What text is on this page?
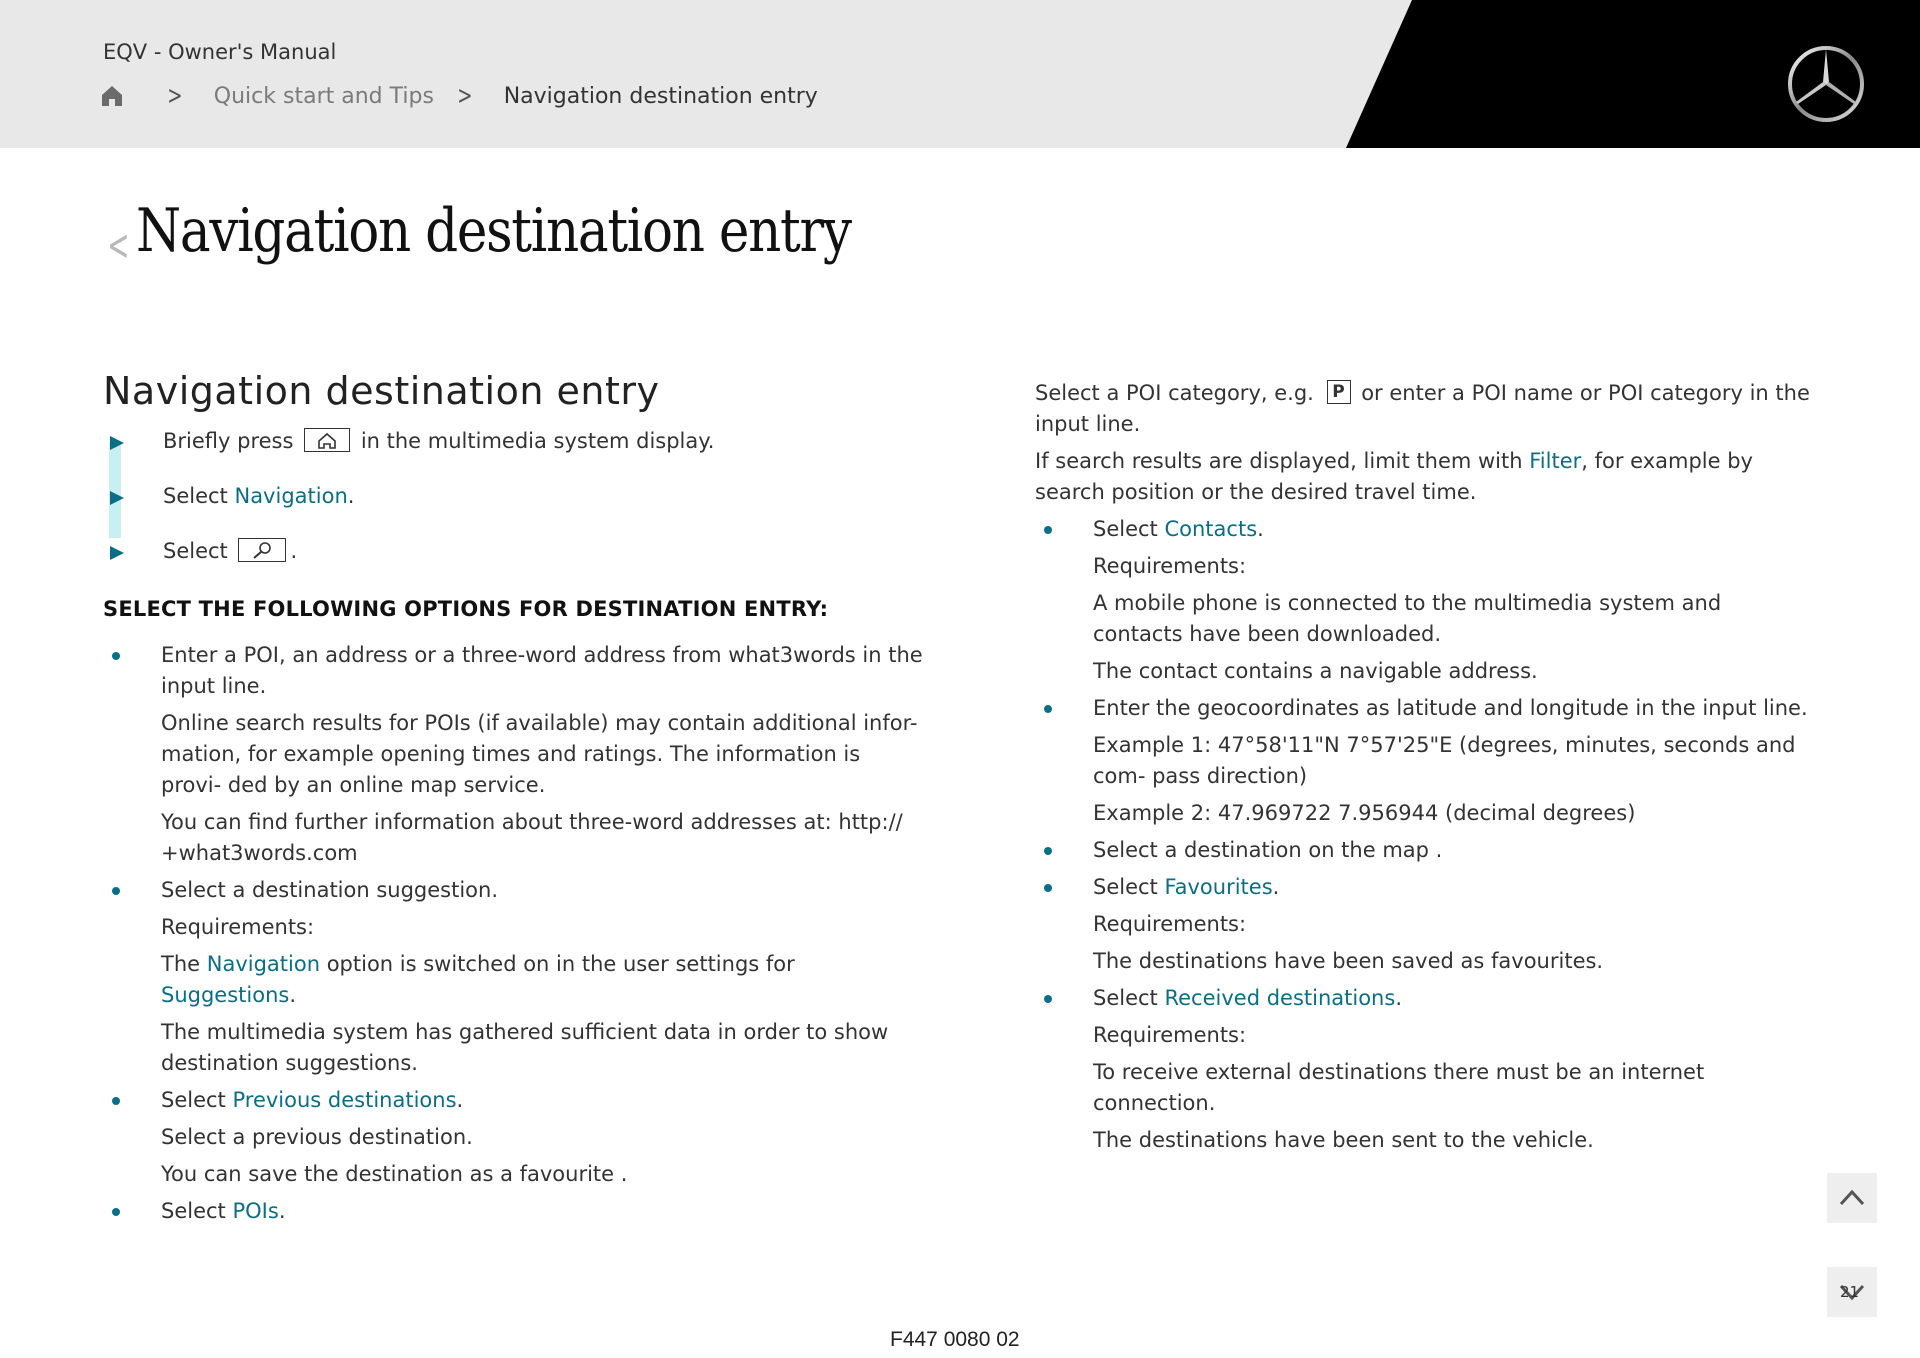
EQV - Owner's Manual
> Quick start and Tips > Navigation destination entry
< Navigation destination entry
Navigation destination entry
Briefly press	in the multimedia system display.
Select Navigation.
Select	.
SELECT THE FOLLOWING OPTIONS FOR DESTINATION ENTRY:

Enter a POI, an address or a three-word address from what3words in the input line.

Online search results for POIs (if available) may contain additional infor- mation, for example opening times and ratings. The information is provi- ded by an online map service.

You can find further information about three-word addresses at: http:// +what3words.com

Select a destination suggestion.

Requirements:

The Navigation option is switched on in the user settings for Suggestions.

The multimedia system has gathered sufficient data in order to show destination suggestions.

Select Previous destinations.

Select a previous destination.

You can save the destination as a favourite .

Select POIs.

Select a POI category, e.g. P or enter a POI name or POI category in the input line.

If search results are displayed, limit them with Filter, for example by search position or the desired travel time.

Select Contacts.

Requirements:

A mobile phone is connected to the multimedia system and contacts have been downloaded.

The contact contains a navigable address.

Enter the geocoordinates as latitude and longitude in the input line.

Example 1: 47°58'11"N 7°57'25"E (degrees, minutes, seconds and com- pass direction)

Example 2: 47.969722 7.956944 (decimal degrees)

Select a destination on the map .

Select Favourites.

Requirements:

The destinations have been saved as favourites.

Select Received destinations.

Requirements:

To receive external destinations there must be an internet connection.

The destinations have been sent to the vehicle.

21
F447 0080 02
